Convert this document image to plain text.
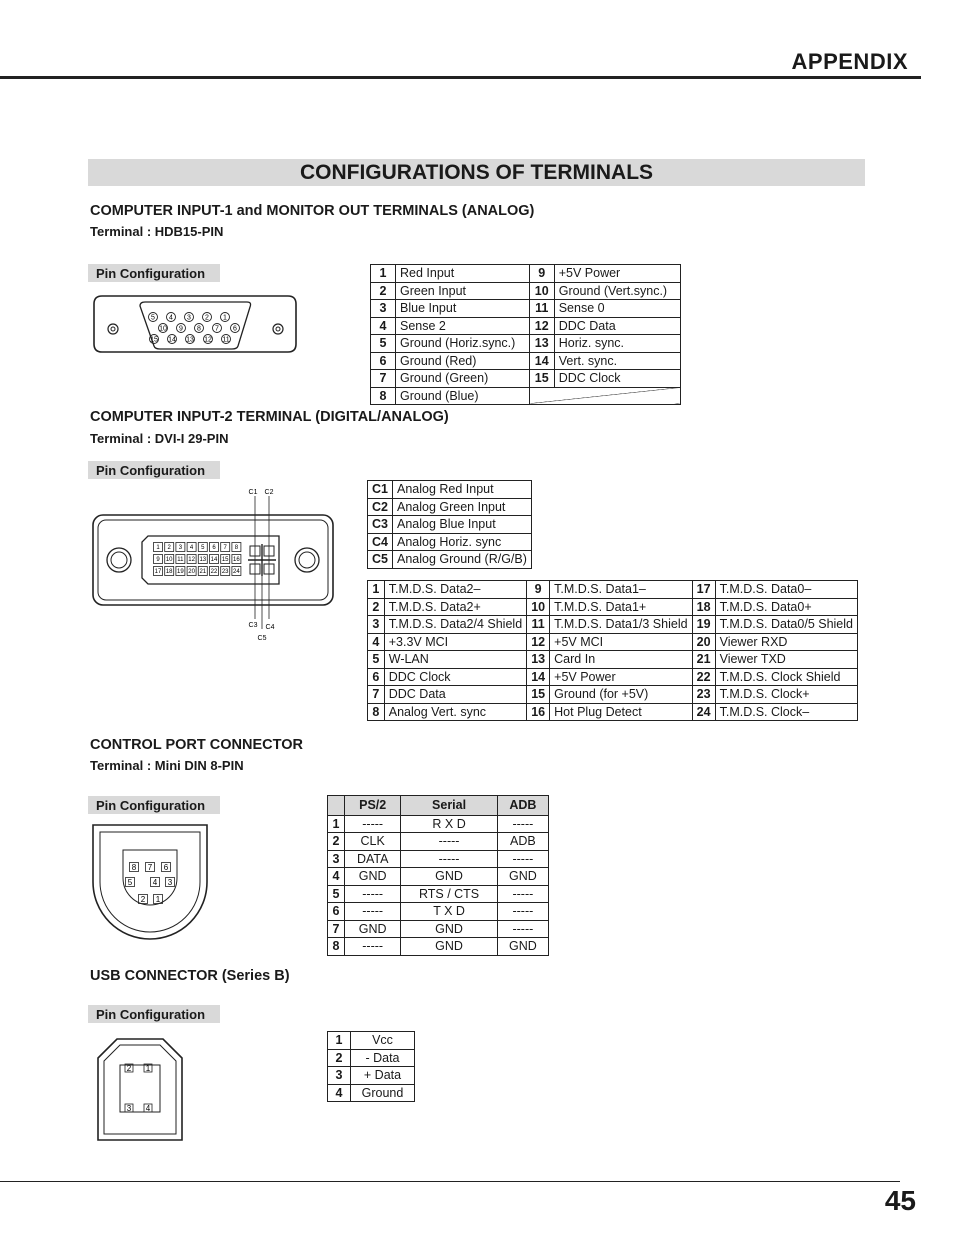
APPENDIX
CONFIGURATIONS OF TERMINALS
COMPUTER INPUT-1 and MONITOR OUT TERMINALS (ANALOG)
Terminal : HDB15-PIN
Pin Configuration
5 4 3 2 1
10 9 8 7 6
15 14 13 12 11
1	Red Input	9	+5V Power
2	Green Input	10	Ground (Vert.sync.)
3	Blue Input	11	Sense 0
4	Sense 2	12	DDC Data
5	Ground (Horiz.sync.)	13	Horiz. sync.
6	Ground (Red)	14	Vert. sync.
7	Ground (Green)	15	DDC Clock
8	Ground (Blue)		
COMPUTER INPUT-2 TERMINAL (DIGITAL/ANALOG)
Terminal : DVI-I 29-PIN
Pin Configuration
1 2 3 4 5 6 7 8
9 10 11 12 13 14 15 16
17 18 19 20 21 22 23 24
C1 C2
C3 C4
C5
C1	Analog Red Input
C2	Analog Green Input
C3	Analog Blue Input
C4	Analog Horiz. sync
C5	Analog Ground (R/G/B)
1	T.M.D.S. Data2–	9	T.M.D.S. Data1–	17	T.M.D.S. Data0–
2	T.M.D.S. Data2+	10	T.M.D.S. Data1+	18	T.M.D.S. Data0+
3	T.M.D.S. Data2/4 Shield	11	T.M.D.S. Data1/3 Shield	19	T.M.D.S. Data0/5 Shield
4	+3.3V MCI	12	+5V MCI	20	Viewer RXD
5	W-LAN	13	Card In	21	Viewer TXD
6	DDC Clock	14	+5V Power	22	T.M.D.S. Clock Shield
7	DDC Data	15	Ground (for +5V)	23	T.M.D.S. Clock+
8	Analog Vert. sync	16	Hot Plug Detect	24	T.M.D.S. Clock–
CONTROL PORT CONNECTOR
Terminal : Mini DIN 8-PIN
Pin Configuration
8 7 6
5	4 3
2 1
	PS/2	Serial	ADB
1	-----	R X D	-----
2	CLK	-----	ADB
3	DATA	-----	-----
4	GND	GND	GND
5	-----	RTS / CTS	-----
6	-----	T X D	-----
7	GND	GND	-----
8	-----	GND	GND
USB CONNECTOR (Series B)
Pin Configuration
2 1
3 4
1	Vcc
2	- Data
3	+ Data
4	Ground
45
